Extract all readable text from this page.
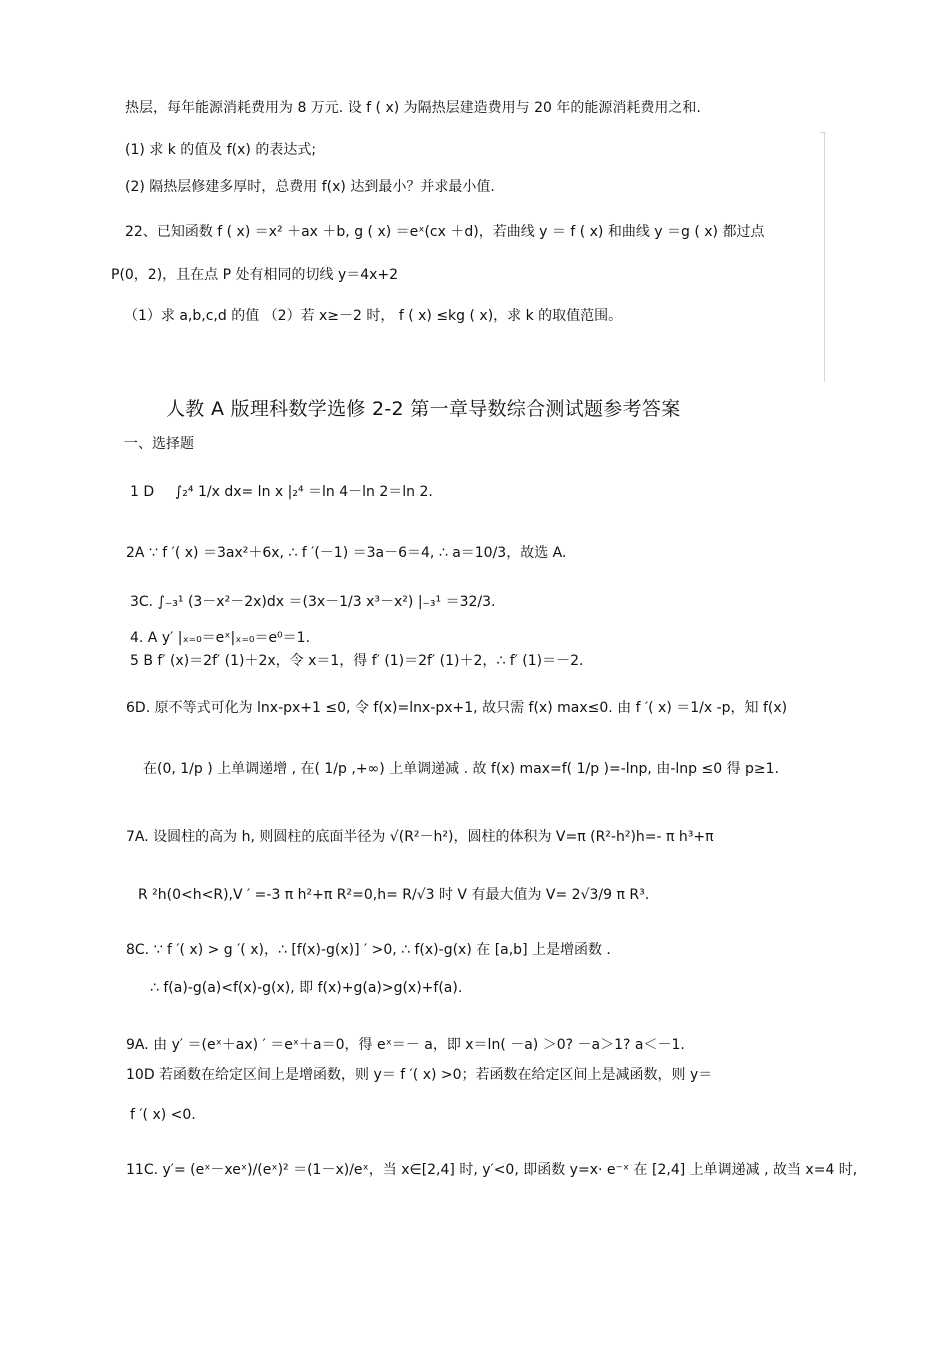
热层，每年能源消耗费用为 8 万元. 设 f ( x) 为隔热层建造费用与 20 年的能源消耗费用之和.
(1) 求 k 的值及 f(x) 的表达式;
(2) 隔热层修建多厚时，总费用 f(x) 达到最小？并求最小值.
22、已知函数 f ( x) ＝x² ＋ax ＋b, g ( x) ＝eˣ(cx ＋d)，若曲线 y ＝ f ( x) 和曲线 y ＝g ( x) 都过点
P(0，2)，且在点 P 处有相同的切线 y＝4x+2
（1）求 a,b,c,d 的值 （2）若 x≥－2 时， f ( x) ≤kg ( x)，求 k 的取值范围。
人教 A 版理科数学选修 2-2 第一章导数综合测试题参考答案
一、选择题
1 D ∫₂⁴ 1/x dx= ln x |₂⁴ ＝ln 4－ln 2＝ln 2.
2A ∵ f ′( x) ＝3ax²＋6x, ∴ f ′(－1) ＝3a－6＝4, ∴ a＝10/3，故选 A.
3C. ∫₋₃¹ (3－x²－2x)dx ＝(3x－1/3 x³－x²) |₋₃¹ ＝32/3.
4. A y′ |ₓ₌₀＝eˣ|ₓ₌₀＝e⁰＝1.
5 B f′ (x)＝2f′ (1)＋2x，令 x＝1，得 f′ (1)＝2f′ (1)＋2，∴ f′ (1)＝－2.
6D. 原不等式可化为 lnx-px+1 ≤0, 令 f(x)=lnx-px+1, 故只需 f(x) max≤0. 由 f ′( x) ＝1/x -p，知 f(x)
在(0, 1/p ) 上单调递增 , 在( 1/p ,+∞) 上单调递减 . 故 f(x) max=f( 1/p )=-lnp, 由-lnp ≤0 得 p≥1.
7A. 设圆柱的高为 h, 则圆柱的底面半径为 √(R²－h²)，圆柱的体积为 V=π (R²-h²)h=- π h³+π
R ²h(0<h<R),V ′ =-3 π h²+π R²=0,h= R/√3 时 V 有最大值为 V= 2√3/9 π R³.
8C. ∵ f ′( x) > g ′( x)，∴ [f(x)-g(x)] ′ >0, ∴ f(x)-g(x) 在 [a,b] 上是增函数 .
∴ f(a)-g(a)<f(x)-g(x), 即 f(x)+g(a)>g(x)+f(a).
9A. 由 y′ ＝(eˣ＋ax) ′ ＝eˣ＋a＝0，得 eˣ＝－ a，即 x＝ln( －a) ＞0? －a＞1? a＜－1.
10D 若函数在给定区间上是增函数，则 y＝ f ′( x) >0；若函数在给定区间上是减函数，则 y＝
f ′( x) <0.
11C. y′= (eˣ－xeˣ)/(eˣ)² ＝(1－x)/eˣ，当 x∈[2,4] 时, y′<0, 即函数 y=x· e⁻ˣ 在 [2,4] 上单调递减 , 故当 x=4 时,
